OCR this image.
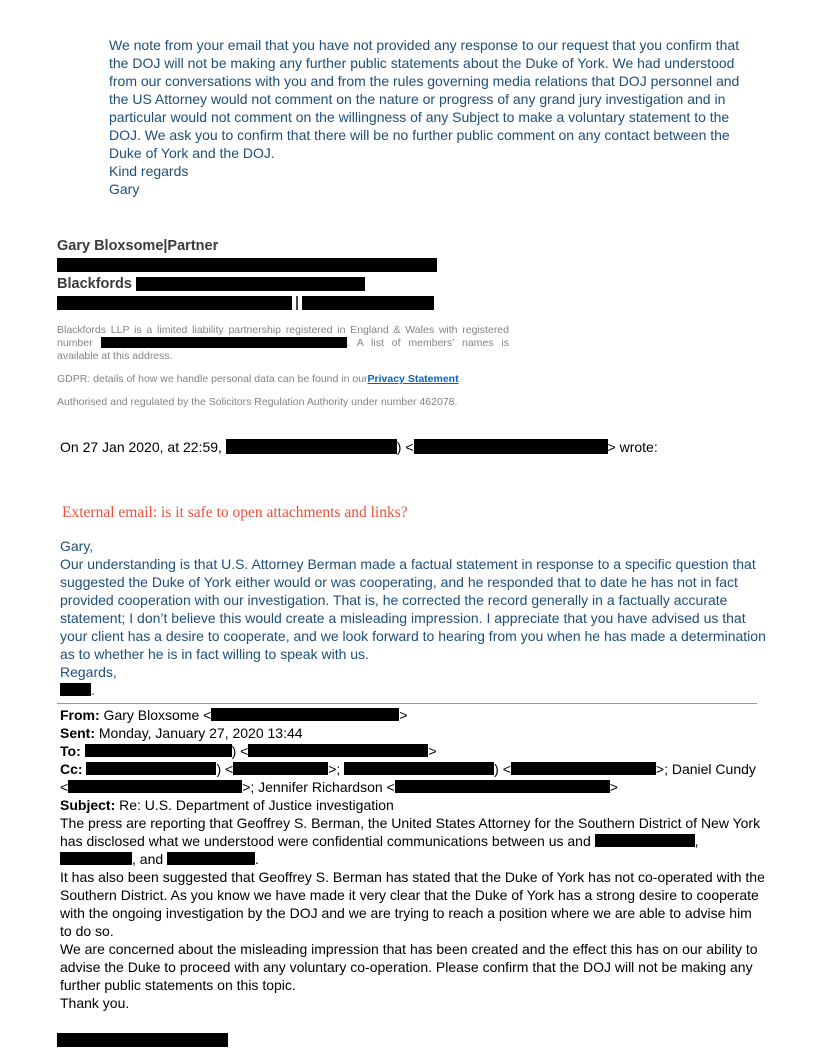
We note from your email that you have not provided any response to our request that you confirm that the DOJ will not be making any further public statements about the Duke of York. We had understood from our conversations with you and from the rules governing media relations that DOJ personnel and the US Attorney would not comment on the nature or progress of any grand jury investigation and in particular would not comment on the willingness of any Subject to make a voluntary statement to the DOJ. We ask you to confirm that there will be no further public comment on any contact between the Duke of York and the DOJ.

Kind regards

Gary

Gary Bloxsome|Partner
Blackfords
|

Blackfords LLP is a limited liability partnership registered in England & Wales with registered number	. A list of members’ names is available at this address.

GDPR: details of how we handle personal data can be found in ourPrivacy Statement

Authorised and regulated by the Solicitors Regulation Authority under number 462078.

On 27 Jan 2020, at 22:59,	) <	> wrote:
External email: is it safe to open attachments and links?

Gary,

Our understanding is that U.S. Attorney Berman made a factual statement in response to a specific question that suggested the Duke of York either would or was cooperating, and he responded that to date he has not in fact provided cooperation with our investigation. That is, he corrected the record generally in a factually accurate statement; I don’t believe this would create a misleading impression. I appreciate that you have advised us that your client has a desire to cooperate, and we look forward to hearing from you when he has made a determination as to whether he is in fact willing to speak with us.

Regards,

.

From: Gary Bloxsome <	>

Sent: Monday, January 27, 2020 13:44

To:	) <	>

Cc:	) <	>;	) <	>; Daniel Cundy <	>; Jennifer Richardson <	>

Subject: Re: U.S. Department of Justice investigation

The press are reporting that Geoffrey S. Berman, the United States Attorney for the Southern District of New York has disclosed what we understood were confidential communications between us and	, , and	.

It has also been suggested that Geoffrey S. Berman has stated that the Duke of York has not co-operated with the Southern District. As you know we have made it very clear that the Duke of York has a strong desire to cooperate with the ongoing investigation by the DOJ and we are trying to reach a position where we are able to advise him to do so.

We are concerned about the misleading impression that has been created and the effect this has on our ability to advise the Duke to proceed with any voluntary co-operation. Please confirm that the DOJ will not be making any further public statements on this topic.

Thank you.
